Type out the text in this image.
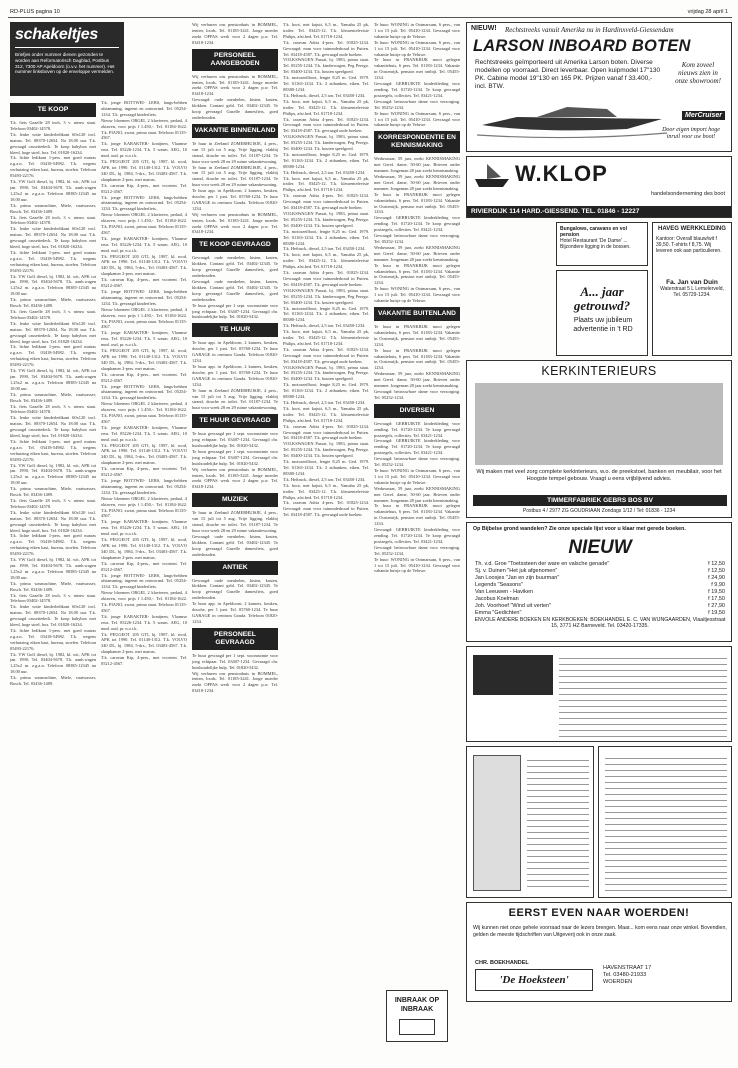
RD-PLUS pagina 10	vrijdag 28 april 1
schakeltjes
Briefjes onder nummer dienen gezonden te worden aan Reformatorisch Dagblad, Postbus 312, 7300 AP Apeldoorn (o.v.v. het nummer). Het nummer linksboven op de enveloppe vermelden.
TE KOOP
T.k. fiets Gazelle 28 inch, 3 v. nieuw staat. Telefoon 03402-14578.
T.k. leuke witte kinderledikant 60x120 incl. matras. Tel. 08370-12654. Na 18.00 uur. T.k. gevraagd cassettedeck. Te koop babybox met kleed, hoge stoel, box. Tel. 01820-16234.
T.k. lichte ledikant 1-pers. met goed matras z.g.a.n. Tel. 03418-54982. T.k. wegens verhuizing eiken kast, bureau, stoelen. Telefoon 05493-22176.
T.k. VW Golf diesel, bj. 1982, kl. wit, APK tot jan. 1990, Tel. 03404-5678. T.k. aanh.wagen 1,25x2 m. z.g.a.n. Telefoon 08385-12345 na 18.00 uur.
T.k. prima wasmachine, Miele, vaatwasser, Bosch. Tel. 03436-1489.
T.k. fiets Gazelle 28 inch, 3 v. nieuw staat. Telefoon 03402-14578.
T.k. leuke witte kinderledikant 60x120 incl. matras. Tel. 08370-12654. Na 18.00 uur. T.k. gevraagd cassettedeck. Te koop babybox met kleed, hoge stoel, box. Tel. 01820-16234.
T.k. lichte ledikant 1-pers. met goed matras z.g.a.n. Tel. 03418-54982. T.k. wegens verhuizing eiken kast, bureau, stoelen. Telefoon 05493-22176.
T.k. VW Golf diesel, bj. 1982, kl. wit, APK tot jan. 1990, Tel. 03404-5678. T.k. aanh.wagen 1,25x2 m. z.g.a.n. Telefoon 08385-12345 na 18.00 uur.
T.k. prima wasmachine, Miele, vaatwasser, Bosch. Tel. 03436-1489.
T.k. fiets Gazelle 28 inch, 3 v. nieuw staat. Telefoon 03402-14578.
T.k. leuke witte kinderledikant 60x120 incl. matras. Tel. 08370-12654. Na 18.00 uur. T.k. gevraagd cassettedeck. Te koop babybox met kleed, hoge stoel, box. Tel. 01820-16234.
T.k. lichte ledikant 1-pers. met goed matras z.g.a.n. Tel. 03418-54982. T.k. wegens verhuizing eiken kast, bureau, stoelen. Telefoon 05493-22176.
T.k. VW Golf diesel, bj. 1982, kl. wit, APK tot jan. 1990, Tel. 03404-5678. T.k. aanh.wagen 1,25x2 m. z.g.a.n. Telefoon 08385-12345 na 18.00 uur.
T.k. prima wasmachine, Miele, vaatwasser, Bosch. Tel. 03436-1489.
T.k. fiets Gazelle 28 inch, 3 v. nieuw staat. Telefoon 03402-14578.
T.k. leuke witte kinderledikant 60x120 incl. matras. Tel. 08370-12654. Na 18.00 uur. T.k. gevraagd cassettedeck. Te koop babybox met kleed, hoge stoel, box. Tel. 01820-16234.
T.k. lichte ledikant 1-pers. met goed matras z.g.a.n. Tel. 03418-54982. T.k. wegens verhuizing eiken kast, bureau, stoelen. Telefoon 05493-22176.
T.k. VW Golf diesel, bj. 1982, kl. wit, APK tot jan. 1990, Tel. 03404-5678. T.k. aanh.wagen 1,25x2 m. z.g.a.n. Telefoon 08385-12345 na 18.00 uur.
T.k. prima wasmachine, Miele, vaatwasser, Bosch. Tel. 03436-1489.
T.k. fiets Gazelle 28 inch, 3 v. nieuw staat. Telefoon 03402-14578.
T.k. leuke witte kinderledikant 60x120 incl. matras. Tel. 08370-12654. Na 18.00 uur. T.k. gevraagd cassettedeck. Te koop babybox met kleed, hoge stoel, box. Tel. 01820-16234.
T.k. lichte ledikant 1-pers. met goed matras z.g.a.n. Tel. 03418-54982. T.k. wegens verhuizing eiken kast, bureau, stoelen. Telefoon 05493-22176.
T.k. VW Golf diesel, bj. 1982, kl. wit, APK tot jan. 1990, Tel. 03404-5678. T.k. aanh.wagen 1,25x2 m. z.g.a.n. Telefoon 08385-12345 na 18.00 uur.
T.k. prima wasmachine, Miele, vaatwasser, Bosch. Tel. 03436-1489.
T.k. fiets Gazelle 28 inch, 3 v. nieuw staat. Telefoon 03402-14578.
T.k. leuke witte kinderledikant 60x120 incl. matras. Tel. 08370-12654. Na 18.00 uur. T.k. gevraagd cassettedeck. Te koop babybox met kleed, hoge stoel, box. Tel. 01820-16234.
T.k. lichte ledikant 1-pers. met goed matras z.g.a.n. Tel. 03418-54982. T.k. wegens verhuizing eiken kast, bureau, stoelen. Telefoon 05493-22176.
T.k. VW Golf diesel, bj. 1982, kl. wit, APK tot jan. 1990, Tel. 03404-5678. T.k. aanh.wagen 1,25x2 m. z.g.a.n. Telefoon 08385-12345 na 18.00 uur.
T.k. prima wasmachine, Miele, vaatwasser, Bosch. Tel. 03436-1489.
T.k. jonge BOTTWEI- LERS, langs-hebben afstamming, ingeent en ontwormd. Tel. 05254-1234. T.k. gevraagd kinderfiets.
Nieuw bloemen ORGEL 2 klavieren, pedaal, 4 oktaven, voor prijs f 1.450,-. Tel. 01184-1622. T.k. PIANO, zwart, prima staat. Telefoon 01135-4567.
T.k. jonge KARAKTER- konijnen, Vlaamse reus. Tel. 05226-1234. T.k. 5 wasm. AEG, 10 mnd. oud, pr. n.o.t.k.
T.k. PEUGEOT 205 GTI, bj. 1987, kl. rood, APK tot 1990. Tel. 01140-1312. T.k. VOLVO 340 DL, bj. 1984, 5-drs., Tel. 03403-4567. T.k. slaapkamer 2-pers. met matras.
T.k. caravan Kip, 4-pers., met voortent. Tel. 05212-4567.
T.k. jonge BOTTWEI- LERS, langs-hebben afstamming, ingeent en ontwormd. Tel. 05254-1234. T.k. gevraagd kinderfiets.
Nieuw bloemen ORGEL 2 klavieren, pedaal, 4 oktaven, voor prijs f 1.450,-. Tel. 01184-1622. T.k. PIANO, zwart, prima staat. Telefoon 01135-4567.
T.k. jonge KARAKTER- konijnen, Vlaamse reus. Tel. 05226-1234. T.k. 5 wasm. AEG, 10 mnd. oud, pr. n.o.t.k.
T.k. PEUGEOT 205 GTI, bj. 1987, kl. rood, APK tot 1990. Tel. 01140-1312. T.k. VOLVO 340 DL, bj. 1984, 5-drs., Tel. 03403-4567. T.k. slaapkamer 2-pers. met matras.
T.k. caravan Kip, 4-pers., met voortent. Tel. 05212-4567.
T.k. jonge BOTTWEI- LERS, langs-hebben afstamming, ingeent en ontwormd. Tel. 05254-1234. T.k. gevraagd kinderfiets.
Nieuw bloemen ORGEL 2 klavieren, pedaal, 4 oktaven, voor prijs f 1.450,-. Tel. 01184-1622. T.k. PIANO, zwart, prima staat. Telefoon 01135-4567.
T.k. jonge KARAKTER- konijnen, Vlaamse reus. Tel. 05226-1234. T.k. 5 wasm. AEG, 10 mnd. oud, pr. n.o.t.k.
T.k. PEUGEOT 205 GTI, bj. 1987, kl. rood, APK tot 1990. Tel. 01140-1312. T.k. VOLVO 340 DL, bj. 1984, 5-drs., Tel. 03403-4567. T.k. slaapkamer 2-pers. met matras.
T.k. caravan Kip, 4-pers., met voortent. Tel. 05212-4567.
T.k. jonge BOTTWEI- LERS, langs-hebben afstamming, ingeent en ontwormd. Tel. 05254-1234. T.k. gevraagd kinderfiets.
Nieuw bloemen ORGEL 2 klavieren, pedaal, 4 oktaven, voor prijs f 1.450,-. Tel. 01184-1622. T.k. PIANO, zwart, prima staat. Telefoon 01135-4567.
T.k. jonge KARAKTER- konijnen, Vlaamse reus. Tel. 05226-1234. T.k. 5 wasm. AEG, 10 mnd. oud, pr. n.o.t.k.
T.k. PEUGEOT 205 GTI, bj. 1987, kl. rood, APK tot 1990. Tel. 01140-1312. T.k. VOLVO 340 DL, bj. 1984, 5-drs., Tel. 03403-4567. T.k. slaapkamer 2-pers. met matras.
T.k. caravan Kip, 4-pers., met voortent. Tel. 05212-4567.
T.k. jonge BOTTWEI- LERS, langs-hebben afstamming, ingeent en ontwormd. Tel. 05254-1234. T.k. gevraagd kinderfiets.
Nieuw bloemen ORGEL 2 klavieren, pedaal, 4 oktaven, voor prijs f 1.450,-. Tel. 01184-1622. T.k. PIANO, zwart, prima staat. Telefoon 01135-4567.
T.k. jonge KARAKTER- konijnen, Vlaamse reus. Tel. 05226-1234. T.k. 5 wasm. AEG, 10 mnd. oud, pr. n.o.t.k.
T.k. PEUGEOT 205 GTI, bj. 1987, kl. rood, APK tot 1990. Tel. 01140-1312. T.k. VOLVO 340 DL, bj. 1984, 5-drs., Tel. 03403-4567. T.k. slaapkamer 2-pers. met matras.
T.k. caravan Kip, 4-pers., met voortent. Tel. 05212-4567.
T.k. jonge BOTTWEI- LERS, langs-hebben afstamming, ingeent en ontwormd. Tel. 05254-1234. T.k. gevraagd kinderfiets.
Nieuw bloemen ORGEL 2 klavieren, pedaal, 4 oktaven, voor prijs f 1.450,-. Tel. 01184-1622. T.k. PIANO, zwart, prima staat. Telefoon 01135-4567.
T.k. jonge KARAKTER- konijnen, Vlaamse reus. Tel. 05226-1234. T.k. 5 wasm. AEG, 10 mnd. oud, pr. n.o.t.k.
T.k. PEUGEOT 205 GTI, bj. 1987, kl. rood, APK tot 1990. Tel. 01140-1312. T.k. VOLVO 340 DL, bj. 1984, 5-drs., Tel. 03403-4567. T.k. slaapkamer 2-pers. met matras.
T.k. caravan Kip, 4-pers., met voortent. Tel. 05212-4567.
Wij verhuren ons pensionhuis in BOMMEL, tenten, loods. Tel. 01185-3241. Jonge moeder zoekt OPPAS werk voor 2 dagen p.w. Tel. 03418-1234.
PERSONEEL AANGEBODEN
Wij verhuren ons pensionhuis in BOMMEL, tenten, loods. Tel. 01185-3241. Jonge moeder zoekt OPPAS werk voor 2 dagen p.w. Tel. 03418-1234.
Gevraagd: oude meubelen, kisten, kasten, klokken. Contant geld. Tel. 03402-12345. Te koop gevraagd Gazelle damesfiets, goed onderhouden.
VAKANTIE BINNENLAND
Te huur in Zeeland ZOMERHUISJE, 4 pers., van 15 juli tot 5 aug. Vrije ligging, vlakbij strand, douche en toilet. Tel. 01187-1234. Te huur voor week 28 en 29 ruime vakantiewoning.
Te huur in Zeeland ZOMERHUISJE, 4 pers., van 15 juli tot 5 aug. Vrije ligging, vlakbij strand, douche en toilet. Tel. 01187-1234. Te huur voor week 28 en 29 ruime vakantiewoning.
Te huur app. in Apeldoorn, 2 kamers, keuken, douche, per 1 juni. Tel. 05760-1234. Te huur GARAGE in centrum Gouda. Telefoon 01820-1234.
Wij verhuren ons pensionhuis in BOMMEL, tenten, loods. Tel. 01185-3241. Jonge moeder zoekt OPPAS werk voor 2 dagen p.w. Tel. 03418-1234.
TE KOOP GEVRAAGD
Gevraagd: oude meubelen, kisten, kasten, klokken. Contant geld. Tel. 03402-12345. Te koop gevraagd Gazelle damesfiets, goed onderhouden.
Gevraagd: oude meubelen, kisten, kasten, klokken. Contant geld. Tel. 03402-12345. Te koop gevraagd Gazelle damesfiets, goed onderhouden.
Te huur gevraagd per 1 sept. woonruimte voor jong echtpaar. Tel. 03407-1234. Gevraagd chr. huishoudelijke hulp. Tel. 01820-5432.
TE HUUR
Te huur app. in Apeldoorn, 2 kamers, keuken, douche, per 1 juni. Tel. 05760-1234. Te huur GARAGE in centrum Gouda. Telefoon 01820-1234.
Te huur app. in Apeldoorn, 2 kamers, keuken, douche, per 1 juni. Tel. 05760-1234. Te huur GARAGE in centrum Gouda. Telefoon 01820-1234.
Te huur in Zeeland ZOMERHUISJE, 4 pers., van 15 juli tot 5 aug. Vrije ligging, vlakbij strand, douche en toilet. Tel. 01187-1234. Te huur voor week 28 en 29 ruime vakantiewoning.
TE HUUR GEVRAAGD
Te huur gevraagd per 1 sept. woonruimte voor jong echtpaar. Tel. 03407-1234. Gevraagd chr. huishoudelijke hulp. Tel. 01820-5432.
Te huur gevraagd per 1 sept. woonruimte voor jong echtpaar. Tel. 03407-1234. Gevraagd chr. huishoudelijke hulp. Tel. 01820-5432.
Wij verhuren ons pensionhuis in BOMMEL, tenten, loods. Tel. 01185-3241. Jonge moeder zoekt OPPAS werk voor 2 dagen p.w. Tel. 03418-1234.
MUZIEK
Te huur in Zeeland ZOMERHUISJE, 4 pers., van 15 juli tot 5 aug. Vrije ligging, vlakbij strand, douche en toilet. Tel. 01187-1234. Te huur voor week 28 en 29 ruime vakantiewoning.
Gevraagd: oude meubelen, kisten, kasten, klokken. Contant geld. Tel. 03402-12345. Te koop gevraagd Gazelle damesfiets, goed onderhouden.
ANTIEK
Gevraagd: oude meubelen, kisten, kasten, klokken. Contant geld. Tel. 03402-12345. Te koop gevraagd Gazelle damesfiets, goed onderhouden.
Te huur app. in Apeldoorn, 2 kamers, keuken, douche, per 1 juni. Tel. 05760-1234. Te huur GARAGE in centrum Gouda. Telefoon 01820-1234.
PERSONEEL GEVRAAGD
Te huur gevraagd per 1 sept. woonruimte voor jong echtpaar. Tel. 03407-1234. Gevraagd chr. huishoudelijke hulp. Tel. 01820-5432.
Wij verhuren ons pensionhuis in BOMMEL, tenten, loods. Tel. 01185-3241. Jonge moeder zoekt OPPAS werk voor 2 dagen p.w. Tel. 03418-1234.
T.k. boot, met kajuit, 6,5 m., Yamaha 25 pk, trailer. Tel. 03425-12. T.k. kleurentelevisie Philips, afst.bed. Tel. 01718-1234.
T.k. caravan Adria 4-pers. Tel. 01825-1234. Gevraagd: man voor tuinonderhoud in Putten. Tel. 03418-4587. T.k. gevraagd oude boeken.
VOLKSWAGEN Passat, bj. 1983, prima staat. Tel. 05255-1234. T.k. kinderwagen, Peg Perego. Tel. 03400-1234. T.k. houten speelgoed.
T.k. motorzeilboot, lengte 8,25 m. Ged. 1979. Tel. 01163-1234. T.k. 2 zitbanken, eiken. Tel. 08380-1234.
T.k. Heftruck, diesel, 2,5 ton. Tel. 03450-1234.
T.k. boot, met kajuit, 6,5 m., Yamaha 25 pk, trailer. Tel. 03425-12. T.k. kleurentelevisie Philips, afst.bed. Tel. 01718-1234.
T.k. caravan Adria 4-pers. Tel. 01825-1234. Gevraagd: man voor tuinonderhoud in Putten. Tel. 03418-4587. T.k. gevraagd oude boeken.
VOLKSWAGEN Passat, bj. 1983, prima staat. Tel. 05255-1234. T.k. kinderwagen, Peg Perego. Tel. 03400-1234. T.k. houten speelgoed.
T.k. motorzeilboot, lengte 8,25 m. Ged. 1979. Tel. 01163-1234. T.k. 2 zitbanken, eiken. Tel. 08380-1234.
T.k. Heftruck, diesel, 2,5 ton. Tel. 03450-1234.
T.k. boot, met kajuit, 6,5 m., Yamaha 25 pk, trailer. Tel. 03425-12. T.k. kleurentelevisie Philips, afst.bed. Tel. 01718-1234.
T.k. caravan Adria 4-pers. Tel. 01825-1234. Gevraagd: man voor tuinonderhoud in Putten. Tel. 03418-4587. T.k. gevraagd oude boeken.
VOLKSWAGEN Passat, bj. 1983, prima staat. Tel. 05255-1234. T.k. kinderwagen, Peg Perego. Tel. 03400-1234. T.k. houten speelgoed.
T.k. motorzeilboot, lengte 8,25 m. Ged. 1979. Tel. 01163-1234. T.k. 2 zitbanken, eiken. Tel. 08380-1234.
T.k. Heftruck, diesel, 2,5 ton. Tel. 03450-1234.
T.k. boot, met kajuit, 6,5 m., Yamaha 25 pk, trailer. Tel. 03425-12. T.k. kleurentelevisie Philips, afst.bed. Tel. 01718-1234.
T.k. caravan Adria 4-pers. Tel. 01825-1234. Gevraagd: man voor tuinonderhoud in Putten. Tel. 03418-4587. T.k. gevraagd oude boeken.
VOLKSWAGEN Passat, bj. 1983, prima staat. Tel. 05255-1234. T.k. kinderwagen, Peg Perego. Tel. 03400-1234. T.k. houten speelgoed.
T.k. motorzeilboot, lengte 8,25 m. Ged. 1979. Tel. 01163-1234. T.k. 2 zitbanken, eiken. Tel. 08380-1234.
T.k. Heftruck, diesel, 2,5 ton. Tel. 03450-1234.
T.k. boot, met kajuit, 6,5 m., Yamaha 25 pk, trailer. Tel. 03425-12. T.k. kleurentelevisie Philips, afst.bed. Tel. 01718-1234.
T.k. caravan Adria 4-pers. Tel. 01825-1234. Gevraagd: man voor tuinonderhoud in Putten. Tel. 03418-4587. T.k. gevraagd oude boeken.
VOLKSWAGEN Passat, bj. 1983, prima staat. Tel. 05255-1234. T.k. kinderwagen, Peg Perego. Tel. 03400-1234. T.k. houten speelgoed.
T.k. motorzeilboot, lengte 8,25 m. Ged. 1979. Tel. 01163-1234. T.k. 2 zitbanken, eiken. Tel. 08380-1234.
T.k. Heftruck, diesel, 2,5 ton. Tel. 03450-1234.
T.k. boot, met kajuit, 6,5 m., Yamaha 25 pk, trailer. Tel. 03425-12. T.k. kleurentelevisie Philips, afst.bed. Tel. 01718-1234.
T.k. caravan Adria 4-pers. Tel. 01825-1234. Gevraagd: man voor tuinonderhoud in Putten. Tel. 03418-4587. T.k. gevraagd oude boeken.
VOLKSWAGEN Passat, bj. 1983, prima staat. Tel. 05255-1234. T.k. kinderwagen, Peg Perego. Tel. 03400-1234. T.k. houten speelgoed.
T.k. motorzeilboot, lengte 8,25 m. Ged. 1979. Tel. 01163-1234. T.k. 2 zitbanken, eiken. Tel. 08380-1234.
T.k. Heftruck, diesel, 2,5 ton. Tel. 03450-1234.
T.k. boot, met kajuit, 6,5 m., Yamaha 25 pk, trailer. Tel. 03425-12. T.k. kleurentelevisie Philips, afst.bed. Tel. 01718-1234.
T.k. caravan Adria 4-pers. Tel. 01825-1234. Gevraagd: man voor tuinonderhoud in Putten. Tel. 03418-4587. T.k. gevraagd oude boeken.
Te huur: WONING in Ootmarsum, 6 pers., van 1 tot 15 juli. Tel. 05410-1234. Gevraagd voor vakantie huisje op de Veluwe.
Te huur: WONING in Ootmarsum, 6 pers., van 1 tot 15 juli. Tel. 05410-1234. Gevraagd voor vakantie huisje op de Veluwe.
Te huur in FRANKRIJK mooi gelegen vakantiehuis, 6 pers. Tel. 01183-1234. Vakantie in Oostenrijk, pension met ontbijt. Tel. 05455-1234.
Gevraagd: GEBRUIKTE kinderkleding voor zending. Tel. 01720-1234. Te koop gevraagd postzegels, collecties. Tel. 03421-1234.
Gevraagd: betrouwbare dame voor verzorging. Tel. 05252-1234.
Te huur: WONING in Ootmarsum, 6 pers., van 1 tot 15 juli. Tel. 05410-1234. Gevraagd voor vakantie huisje op de Veluwe.
KORRESPONDENTIE EN KENNISMAKING
Weduwnaar, 59 jaar, zoekt KENNISMAKING met Geref. dame, 50-60 jaar. Brieven onder nummer. Jongeman 28 jaar zoekt kennismaking.
Weduwnaar, 59 jaar, zoekt KENNISMAKING met Geref. dame, 50-60 jaar. Brieven onder nummer. Jongeman 28 jaar zoekt kennismaking.
Te huur in FRANKRIJK mooi gelegen vakantiehuis, 6 pers. Tel. 01183-1234. Vakantie in Oostenrijk, pension met ontbijt. Tel. 05455-1234.
Gevraagd: GEBRUIKTE kinderkleding voor zending. Tel. 01720-1234. Te koop gevraagd postzegels, collecties. Tel. 03421-1234.
Gevraagd: betrouwbare dame voor verzorging. Tel. 05252-1234.
Weduwnaar, 59 jaar, zoekt KENNISMAKING met Geref. dame, 50-60 jaar. Brieven onder nummer. Jongeman 28 jaar zoekt kennismaking.
Te huur in FRANKRIJK mooi gelegen vakantiehuis, 6 pers. Tel. 01183-1234. Vakantie in Oostenrijk, pension met ontbijt. Tel. 05455-1234.
Te huur: WONING in Ootmarsum, 6 pers., van 1 tot 15 juli. Tel. 05410-1234. Gevraagd voor vakantie huisje op de Veluwe.
VAKANTIE BUITENLAND
Te huur in FRANKRIJK mooi gelegen vakantiehuis, 6 pers. Tel. 01183-1234. Vakantie in Oostenrijk, pension met ontbijt. Tel. 05455-1234.
Te huur in FRANKRIJK mooi gelegen vakantiehuis, 6 pers. Tel. 01183-1234. Vakantie in Oostenrijk, pension met ontbijt. Tel. 05455-1234.
Weduwnaar, 59 jaar, zoekt KENNISMAKING met Geref. dame, 50-60 jaar. Brieven onder nummer. Jongeman 28 jaar zoekt kennismaking.
Gevraagd: betrouwbare dame voor verzorging. Tel. 05252-1234.
DIVERSEN
Gevraagd: GEBRUIKTE kinderkleding voor zending. Tel. 01720-1234. Te koop gevraagd postzegels, collecties. Tel. 03421-1234.
Gevraagd: GEBRUIKTE kinderkleding voor zending. Tel. 01720-1234. Te koop gevraagd postzegels, collecties. Tel. 03421-1234.
Gevraagd: betrouwbare dame voor verzorging. Tel. 05252-1234.
Te huur: WONING in Ootmarsum, 6 pers., van 1 tot 15 juli. Tel. 05410-1234. Gevraagd voor vakantie huisje op de Veluwe.
Weduwnaar, 59 jaar, zoekt KENNISMAKING met Geref. dame, 50-60 jaar. Brieven onder nummer. Jongeman 28 jaar zoekt kennismaking.
Te huur in FRANKRIJK mooi gelegen vakantiehuis, 6 pers. Tel. 01183-1234. Vakantie in Oostenrijk, pension met ontbijt. Tel. 05455-1234.
Gevraagd: GEBRUIKTE kinderkleding voor zending. Tel. 01720-1234. Te koop gevraagd postzegels, collecties. Tel. 03421-1234.
Gevraagd: betrouwbare dame voor verzorging. Tel. 05252-1234.
Te huur: WONING in Ootmarsum, 6 pers., van 1 tot 15 juli. Tel. 05410-1234. Gevraagd voor vakantie huisje op de Veluwe.
INBRAAK OP INBRAAK
NIEUW! Rechtstreeks vanuit Amerika nu in Hardinxveld-Giessendam
LARSON INBOARD BOTEN
Rechtstreeks geïmporteerd uit Amerika Larson boten. Diverse modellen op voorraad. Direct leverbaar. Open kuipmodel 17"130 PK. Cabine model 19"130 en 165 PK. Prijzen vanaf f 33.400,- incl. BTW.
Kom zoveel nieuws zien in onze showroom!
MerCruiser
Door eigen import hoge inruil voor uw boot!
W.KLOP
handelsonderneming des boot
RIVIERDIJK 114 HARD.-GIESSEND. TEL. 01846 - 12227
Bungalows, caravans en vol pension
Hotel Restaurant 'De Dame' ... Bijzondere ligging in de bossen.
A... jaar getrouwd?
Plaats uw jubileum advertentie in 't RD
HAVEG WERKKLEDING
Kantoor: Overall blauw/wit f 39,50. T-shirts f 8,75. Wij leveren ook aan particulieren.
Fa. Jan van Duin
Waterstraat 5 L Lemelerveld, Tel. 05729-1234.
KERKINTERIEURS
Wij maken met veel zorg complete kerkinterieurs, w.o. de preekstoel, banken en meubilair, voor het Hoogste tempel gebouw. Vraagt u eens vrijblijvend advies.
TIMMERFABRIEK GEBRS BOS BV
Postbus 4 / 2977 ZG GOUDRIAAN Zondags 1/12 / Tel: 01836 - 1234
Op Bijbelse grond wandelen? Zie onze speciale lijst voor u klaar met gerede boeken.
NIEUW
Th. v.d. Groe "Toetssteen der ware en valsche genade"	f 12,50
Sj. v. Duinen "Het juk afgenomen"	f 12,50
Jan Loosjes "Jan en zijn buurman"	f 24,90
Legends "Seasons"	f 9,90
Van Leeuwen - Haviken	f 19,50
Jacobus Koelman	f 17,50
Joh. Voorhoef "Wind uit verten"	f 27,90
Emma "Gedichten"	f 19,50
ENVOLE ANDERE BOEKEN EN KERKBOEKEN: BOEKHANDEL E. C. VAN WIJNGAARDEN, Vlaaitjesstraat 15, 3771 HZ Barneveld. Tel. 03420-17335.
EERST EVEN NAAR WOERDEN!
Wij kunnen niet onze gehele voorraad naar de lezers brengen. Maar... kom eens naar onze winkel. Bovendien, gelden de meeste tijdschriften van Uitgeverij ook in onze zaak.
CHR. BOEKHANDEL
'De Hoeksteen'
HAVENSTRAAT 17
Tel. 03480-21933
WOERDEN
